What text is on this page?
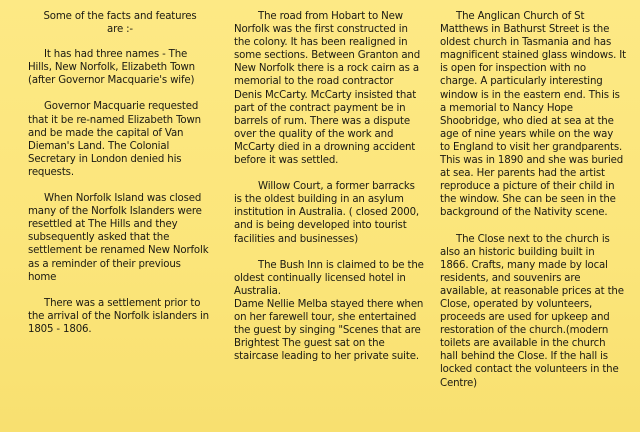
Some of the facts and features
are :-

It has had three names - The Hills, New Norfolk, Elizabeth Town (after Governor Macquarie's wife)

Governor Macquarie requested that it be re-named Elizabeth Town and be made the capital of Van Dieman's Land. The Colonial Secretary in London denied his requests.

When Norfolk Island was closed many of the Norfolk Islanders were resettled at The Hills and they subsequently asked that the settlement be renamed New Norfolk as a reminder of their previous home

There was a settlement prior to the arrival of the Norfolk islanders in 1805 - 1806.

The road from Hobart to New Norfolk was the first constructed in the colony. It has been realigned in some sections. Between Granton and New Norfolk there is a rock cairn as a memorial to the road contractor Denis McCarty. McCarty insisted that part of the contract payment be in barrels of rum. There was a dispute over the quality of the work and McCarty died in a drowning accident before it was settled.

Willow Court, a former barracks is the oldest building in an asylum institution in Australia. ( closed 2000, and is being developed into tourist facilities and businesses)

The Bush Inn is claimed to be the oldest continually licensed hotel in Australia.

Dame Nellie Melba stayed there when on her farewell tour, she entertained the guest by singing "Scenes that are Brightest The guest sat on the staircase leading to her private suite.

The Anglican Church of St Matthews in Bathurst Street is the oldest church in Tasmania and has magnificent stained glass windows. It is open for inspection with no charge. A particularly interesting window is in the eastern end. This is a memorial to Nancy Hope Shoobridge, who died at sea at the age of nine years while on the way to England to visit her grandparents. This was in 1890 and she was buried at sea. Her parents had the artist reproduce a picture of their child in the window. She can be seen in the background of the Nativity scene.

The Close next to the church is also an historic building built in 1866. Crafts, many made by local residents, and souvenirs are available, at reasonable prices at the Close, operated by volunteers, proceeds are used for upkeep and restoration of the church.(modern toilets are available in the church hall behind the Close. If the hall is locked contact the volunteers in the Centre)
